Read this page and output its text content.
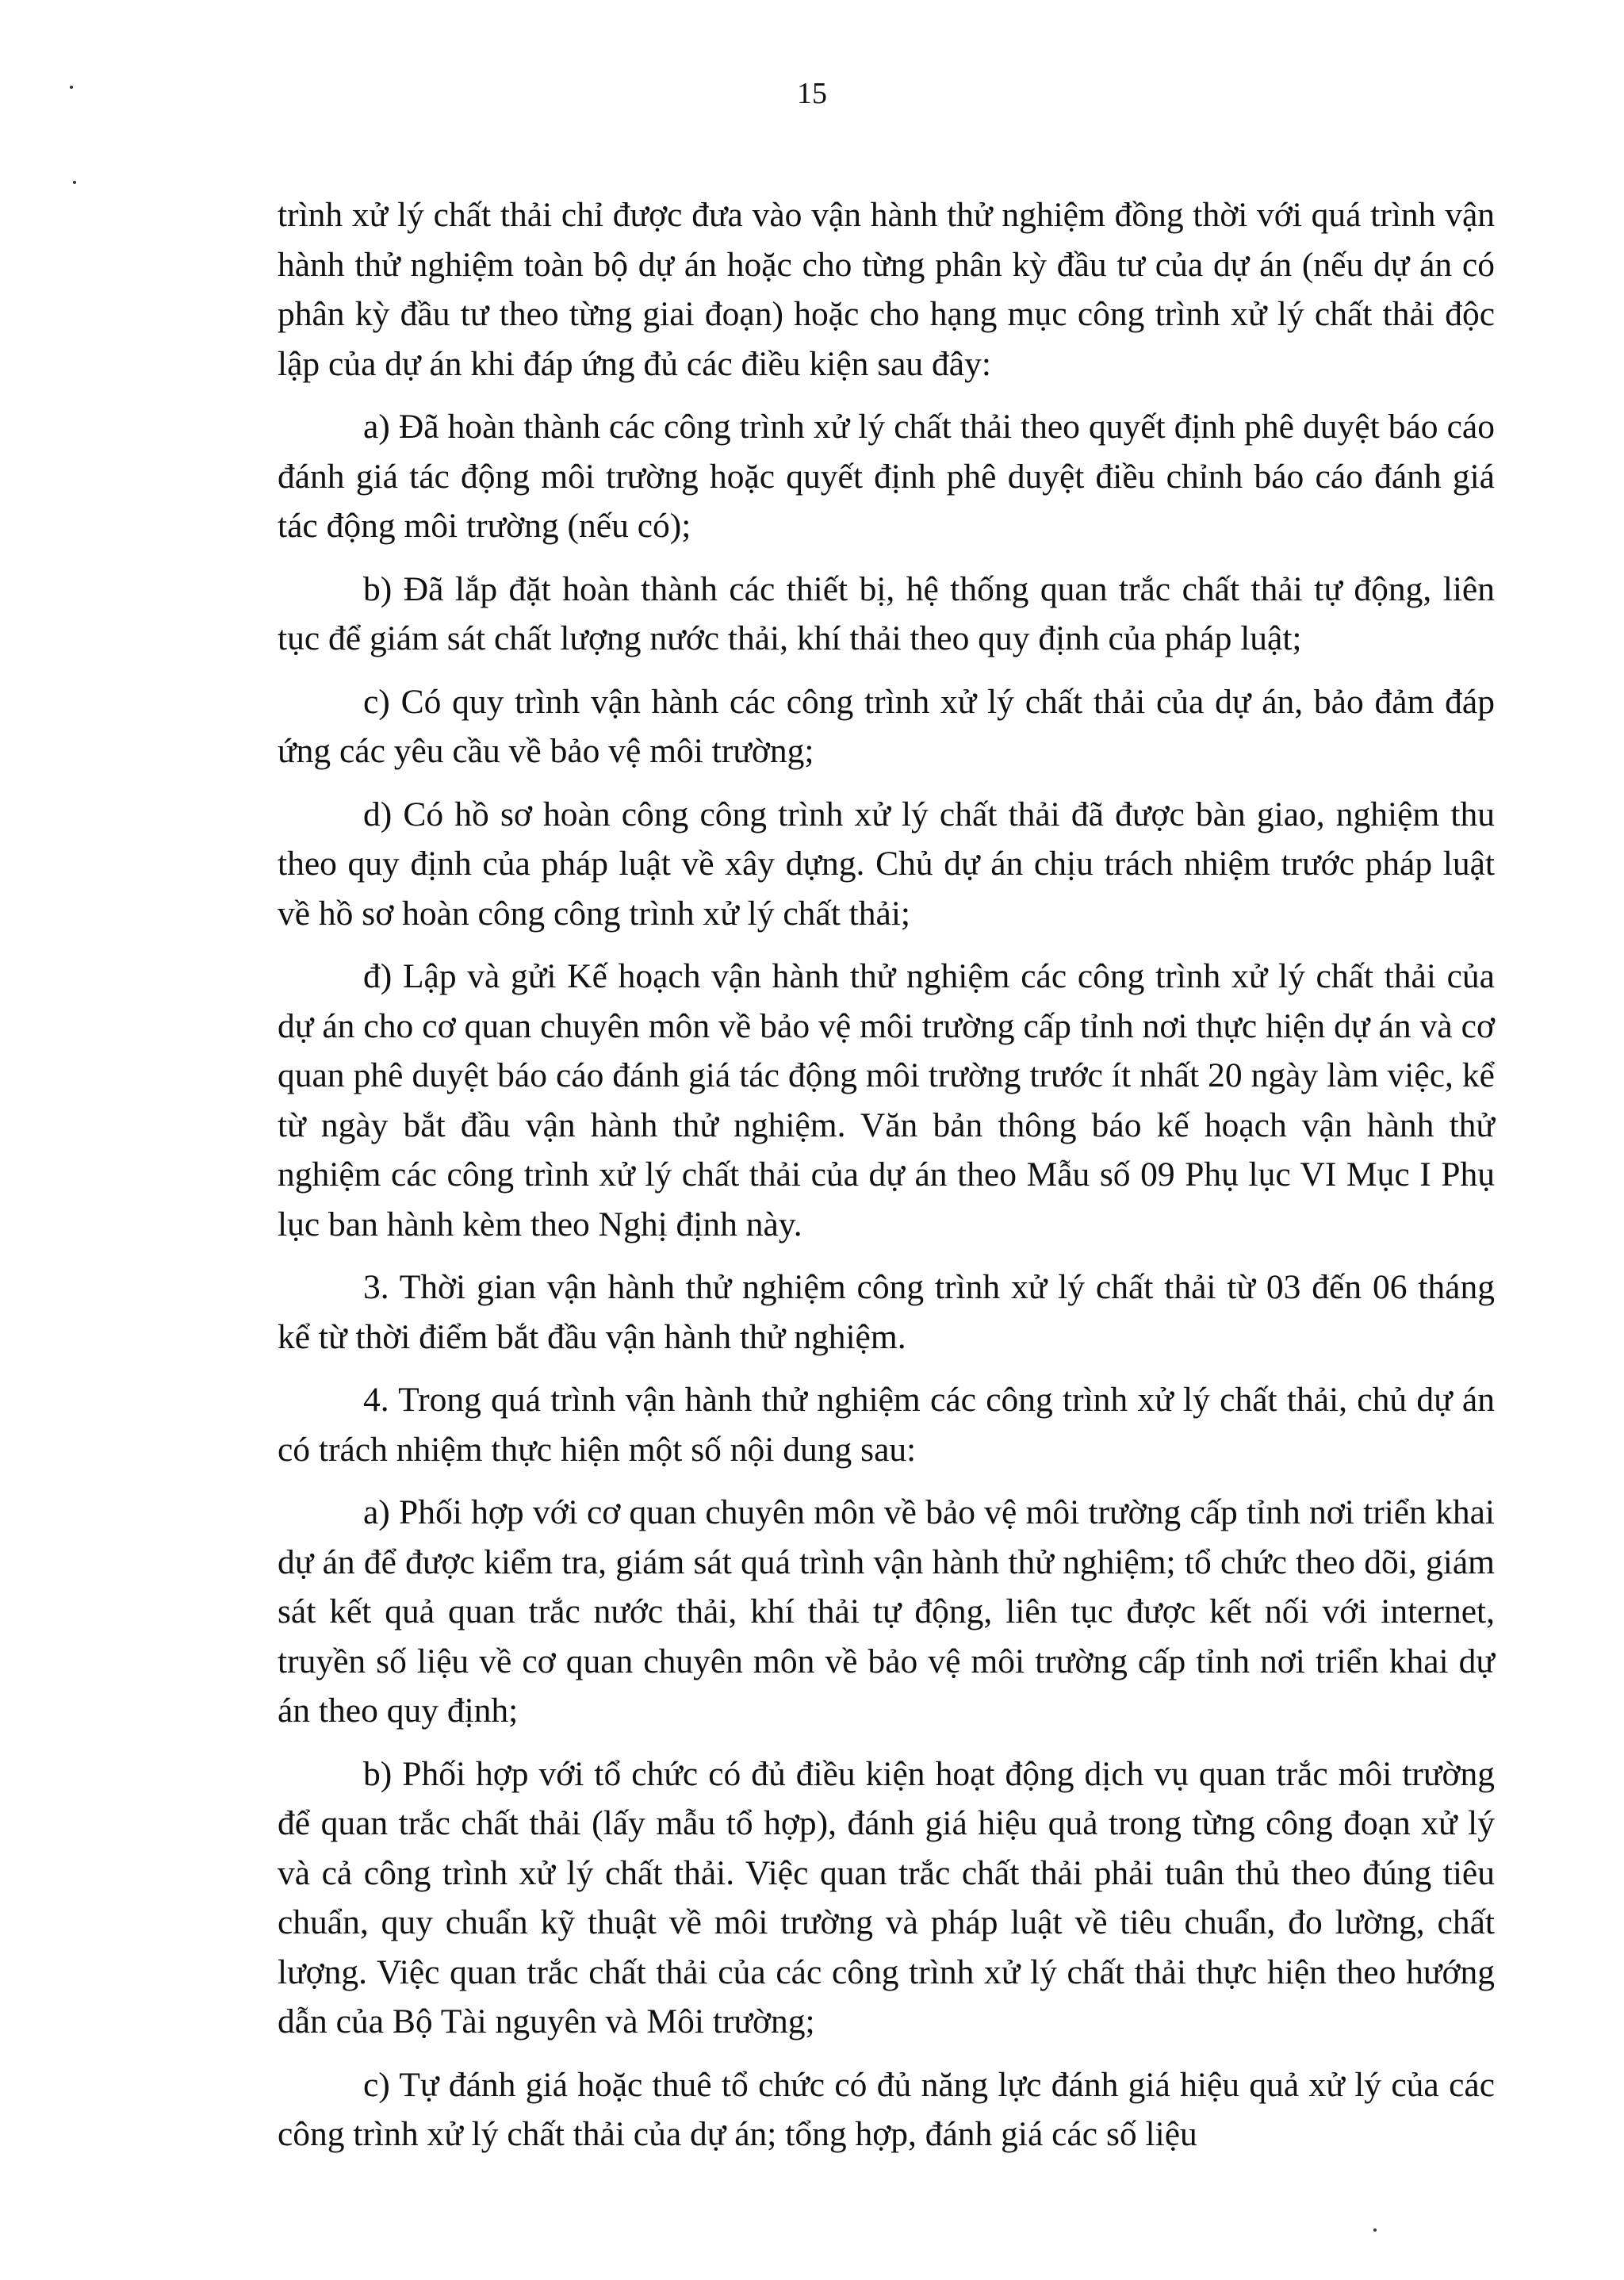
15

trình xử lý chất thải chỉ được đưa vào vận hành thử nghiệm đồng thời với quá trình vận hành thử nghiệm toàn bộ dự án hoặc cho từng phân kỳ đầu tư của dự án (nếu dự án có phân kỳ đầu tư theo từng giai đoạn) hoặc cho hạng mục công trình xử lý chất thải độc lập của dự án khi đáp ứng đủ các điều kiện sau đây:

a) Đã hoàn thành các công trình xử lý chất thải theo quyết định phê duyệt báo cáo đánh giá tác động môi trường hoặc quyết định phê duyệt điều chỉnh báo cáo đánh giá tác động môi trường (nếu có);

b) Đã lắp đặt hoàn thành các thiết bị, hệ thống quan trắc chất thải tự động, liên tục để giám sát chất lượng nước thải, khí thải theo quy định của pháp luật;

c) Có quy trình vận hành các công trình xử lý chất thải của dự án, bảo đảm đáp ứng các yêu cầu về bảo vệ môi trường;

d) Có hồ sơ hoàn công công trình xử lý chất thải đã được bàn giao, nghiệm thu theo quy định của pháp luật về xây dựng. Chủ dự án chịu trách nhiệm trước pháp luật về hồ sơ hoàn công công trình xử lý chất thải;

đ) Lập và gửi Kế hoạch vận hành thử nghiệm các công trình xử lý chất thải của dự án cho cơ quan chuyên môn về bảo vệ môi trường cấp tỉnh nơi thực hiện dự án và cơ quan phê duyệt báo cáo đánh giá tác động môi trường trước ít nhất 20 ngày làm việc, kể từ ngày bắt đầu vận hành thử nghiệm. Văn bản thông báo kế hoạch vận hành thử nghiệm các công trình xử lý chất thải của dự án theo Mẫu số 09 Phụ lục VI Mục I Phụ lục ban hành kèm theo Nghị định này.

3. Thời gian vận hành thử nghiệm công trình xử lý chất thải từ 03 đến 06 tháng kể từ thời điểm bắt đầu vận hành thử nghiệm.

4. Trong quá trình vận hành thử nghiệm các công trình xử lý chất thải, chủ dự án có trách nhiệm thực hiện một số nội dung sau:

a) Phối hợp với cơ quan chuyên môn về bảo vệ môi trường cấp tỉnh nơi triển khai dự án để được kiểm tra, giám sát quá trình vận hành thử nghiệm; tổ chức theo dõi, giám sát kết quả quan trắc nước thải, khí thải tự động, liên tục được kết nối với internet, truyền số liệu về cơ quan chuyên môn về bảo vệ môi trường cấp tỉnh nơi triển khai dự án theo quy định;

b) Phối hợp với tổ chức có đủ điều kiện hoạt động dịch vụ quan trắc môi trường để quan trắc chất thải (lấy mẫu tổ hợp), đánh giá hiệu quả trong từng công đoạn xử lý và cả công trình xử lý chất thải. Việc quan trắc chất thải phải tuân thủ theo đúng tiêu chuẩn, quy chuẩn kỹ thuật về môi trường và pháp luật về tiêu chuẩn, đo lường, chất lượng. Việc quan trắc chất thải của các công trình xử lý chất thải thực hiện theo hướng dẫn của Bộ Tài nguyên và Môi trường;

c) Tự đánh giá hoặc thuê tổ chức có đủ năng lực đánh giá hiệu quả xử lý của các công trình xử lý chất thải của dự án; tổng hợp, đánh giá các số liệu
